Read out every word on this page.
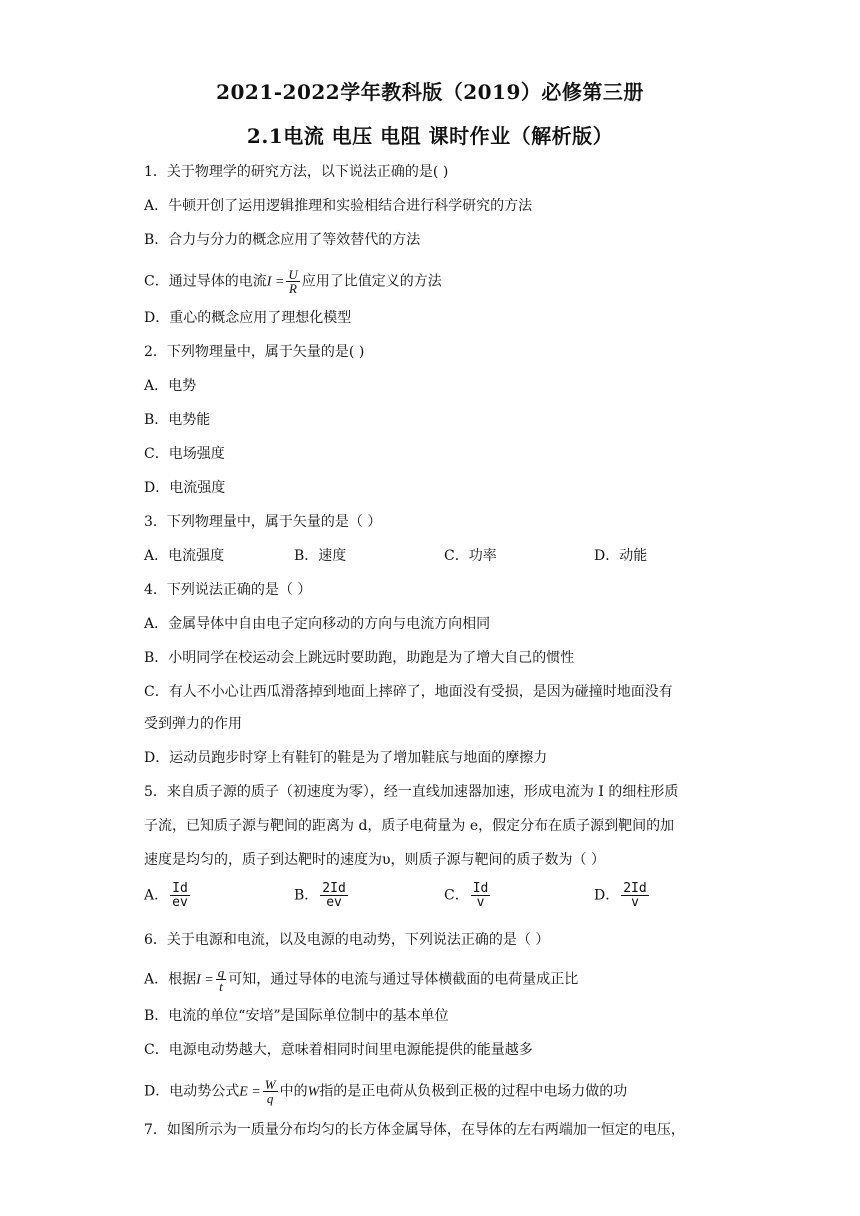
2021-2022学年教科版（2019）必修第三册
2.1电流 电压 电阻 课时作业（解析版）
1．关于物理学的研究方法，以下说法正确的是( )
A．牛顿开创了运用逻辑推理和实验相结合进行科学研究的方法
B．合力与分力的概念应用了等效替代的方法
C．通过导体的电流$I = \frac{U}{R}$ 应用了比值定义的方法
D．重心的概念应用了理想化模型
2．下列物理量中，属于矢量的是( )
A．电势
B．电势能
C．电场强度
D．电流强度
3．下列物理量中，属于矢量的是（ ）
A．电流强度	B．速度	C．功率	D．动能
4．下列说法正确的是（ ）
A．金属导体中自由电子定向移动的方向与电流方向相同
B．小明同学在校运动会上跳远时要助跑，助跑是为了增大自己的惯性
C．有人不小心让西瓜滑落掉到地面上摔碎了，地面没有受损，是因为碰撞时地面没有
受到弹力的作用
D．运动员跑步时穿上有鞋钉的鞋是为了增加鞋底与地面的摩擦力
5．来自质子源的质子（初速度为零），经一直线加速器加速，形成电流为 I 的细柱形质
子流，已知质子源与靶间的距离为 d，质子电荷量为 e，假定分布在质子源到靶间的加
速度是均匀的，质子到达靶时的速度为υ，则质子源与靶间的质子数为（ ）
A． $\frac{Id}{ev}$	B． $\frac{2Id}{ev}$	C． $\frac{Id}{v}$	D． $\frac{2Id}{v}$
6．关于电源和电流，以及电源的电动势，下列说法正确的是（ ）
A．根据$I = \frac{q}{t}$ 可知，通过导体的电流与通过导体横截面的电荷量成正比
B．电流的单位“安培”是国际单位制中的基本单位
C．电源电动势越大，意味着相同时间里电源能提供的能量越多
D．电动势公式$E = \frac{W}{q}$ 中的W指的是正电荷从负极到正极的过程中电场力做的功
7．如图所示为一质量分布均匀的长方体金属导体，在导体的左右两端加一恒定的电压，
